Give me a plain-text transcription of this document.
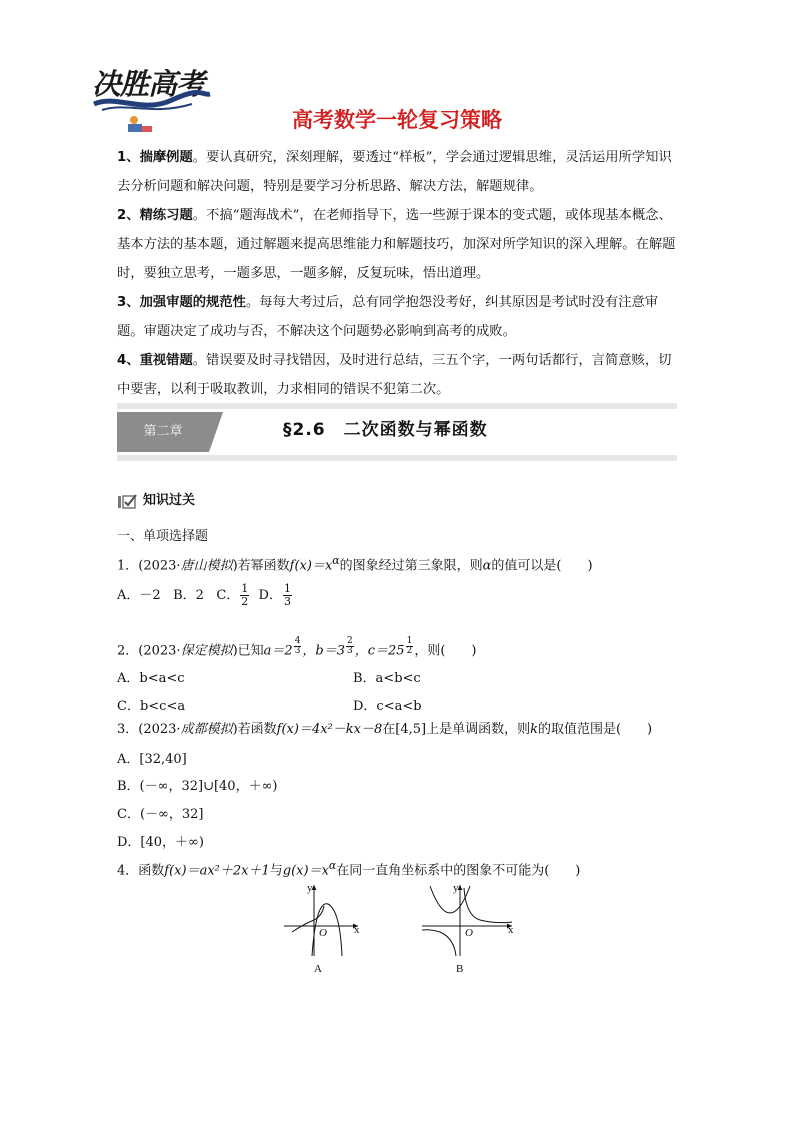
决胜高考
高考数学一轮复习策略

1、揣摩例题。要认真研究，深刻理解，要透过“样板”，学会通过逻辑思维，灵活运用所学知识去分析问题和解决问题，特别是要学习分析思路、解决方法，解题规律。

2、精练习题。不搞“题海战术”，在老师指导下，选一些源于课本的变式题，或体现基本概念、基本方法的基本题，通过解题来提高思维能力和解题技巧，加深对所学知识的深入理解。在解题时，要独立思考，一题多思，一题多解，反复玩味，悟出道理。

3、加强审题的规范性。每每大考过后，总有同学抱怨没考好，纠其原因是考试时没有注意审题。审题决定了成功与否，不解决这个问题势必影响到高考的成败。

4、重视错题。错误要及时寻找错因，及时进行总结，三五个字，一两句话都行，言简意赅，切中要害，以利于吸取教训，力求相同的错误不犯第二次。

第二章	§2.6　二次函数与幂函数
知识过关
一、单项选择题
1．(2023·唐山模拟)若幂函数$f(x)=x^\alpha$的图象经过第三象限，则α的值可以是(　　)
A．－2 B．2 C． $\frac{1}{2}$ D． $\frac{1}{3}$
2．(2023·保定模拟)已知a＝2 $^{\frac{4}{3}}$ ，b＝3 $^{\frac{2}{3}}$ ，c＝25 $^{\frac{1}{2}}$ ，则(　　)
A．b<a<c	B．a<b<c
C．b<c<a	D．c<a<b
3．(2023·成都模拟)若函数f(x)＝4x²－kx－8在[4,5]上是单调函数，则k的取值范围是(　　)
A．[32,40]
B．(－∞，32]∪[40，＋∞)
C．(－∞，32]
D．[40，＋∞)
4．函数f(x)＝ax²＋2x＋1与$g(x)=x^\alpha$在同一直角坐标系中的图象不可能为(　　)
y
x
O
A
y
x
O
B
